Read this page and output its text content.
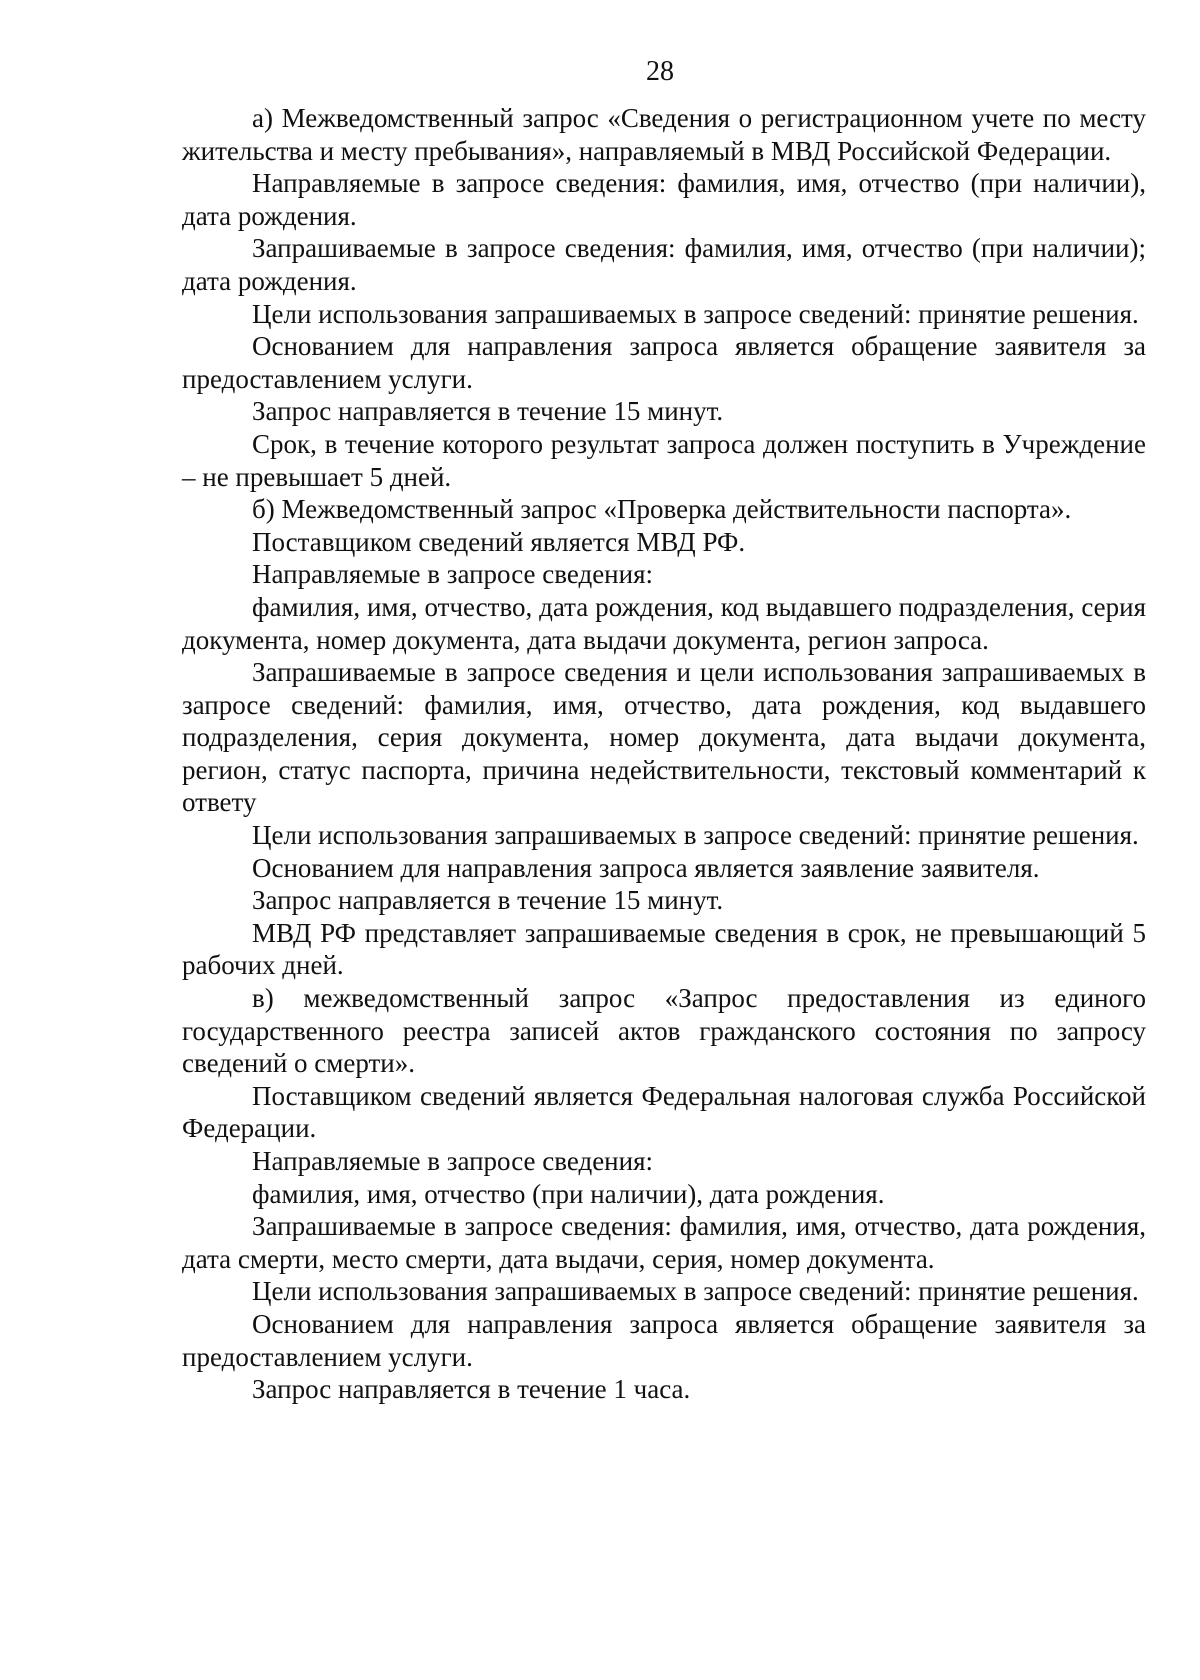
28

а) Межведомственный запрос «Сведения о регистрационном учете по месту жительства и месту пребывания», направляемый в МВД Российской Федерации.

Направляемые в запросе сведения: фамилия, имя, отчество (при наличии), дата рождения.

Запрашиваемые в запросе сведения: фамилия, имя, отчество (при наличии); дата рождения.

Цели использования запрашиваемых в запросе сведений: принятие решения.

Основанием для направления запроса является обращение заявителя за предоставлением услуги.

Запрос направляется в течение 15 минут.

Срок, в течение которого результат запроса должен поступить в Учреждение – не превышает 5 дней.

б) Межведомственный запрос «Проверка действительности паспорта».

Поставщиком сведений является МВД РФ.

Направляемые в запросе сведения:

фамилия, имя, отчество, дата рождения, код выдавшего подразделения, серия документа, номер документа, дата выдачи документа, регион запроса.

Запрашиваемые в запросе сведения и цели использования запрашиваемых в запросе сведений: фамилия, имя, отчество, дата рождения, код выдавшего подразделения, серия документа, номер документа, дата выдачи документа, регион, статус паспорта, причина недействительности, текстовый комментарий к ответу

Цели использования запрашиваемых в запросе сведений: принятие решения.

Основанием для направления запроса является заявление заявителя.

Запрос направляется в течение 15 минут.

МВД РФ представляет запрашиваемые сведения в срок, не превышающий 5 рабочих дней.

в) межведомственный запрос «Запрос предоставления из единого государственного реестра записей актов гражданского состояния по запросу сведений о смерти».

Поставщиком сведений является Федеральная налоговая служба Российской Федерации.

Направляемые в запросе сведения:

фамилия, имя, отчество (при наличии), дата рождения.

Запрашиваемые в запросе сведения: фамилия, имя, отчество, дата рождения, дата смерти, место смерти, дата выдачи, серия, номер документа.

Цели использования запрашиваемых в запросе сведений: принятие решения.

Основанием для направления запроса является обращение заявителя за предоставлением услуги.

Запрос направляется в течение 1 часа.
